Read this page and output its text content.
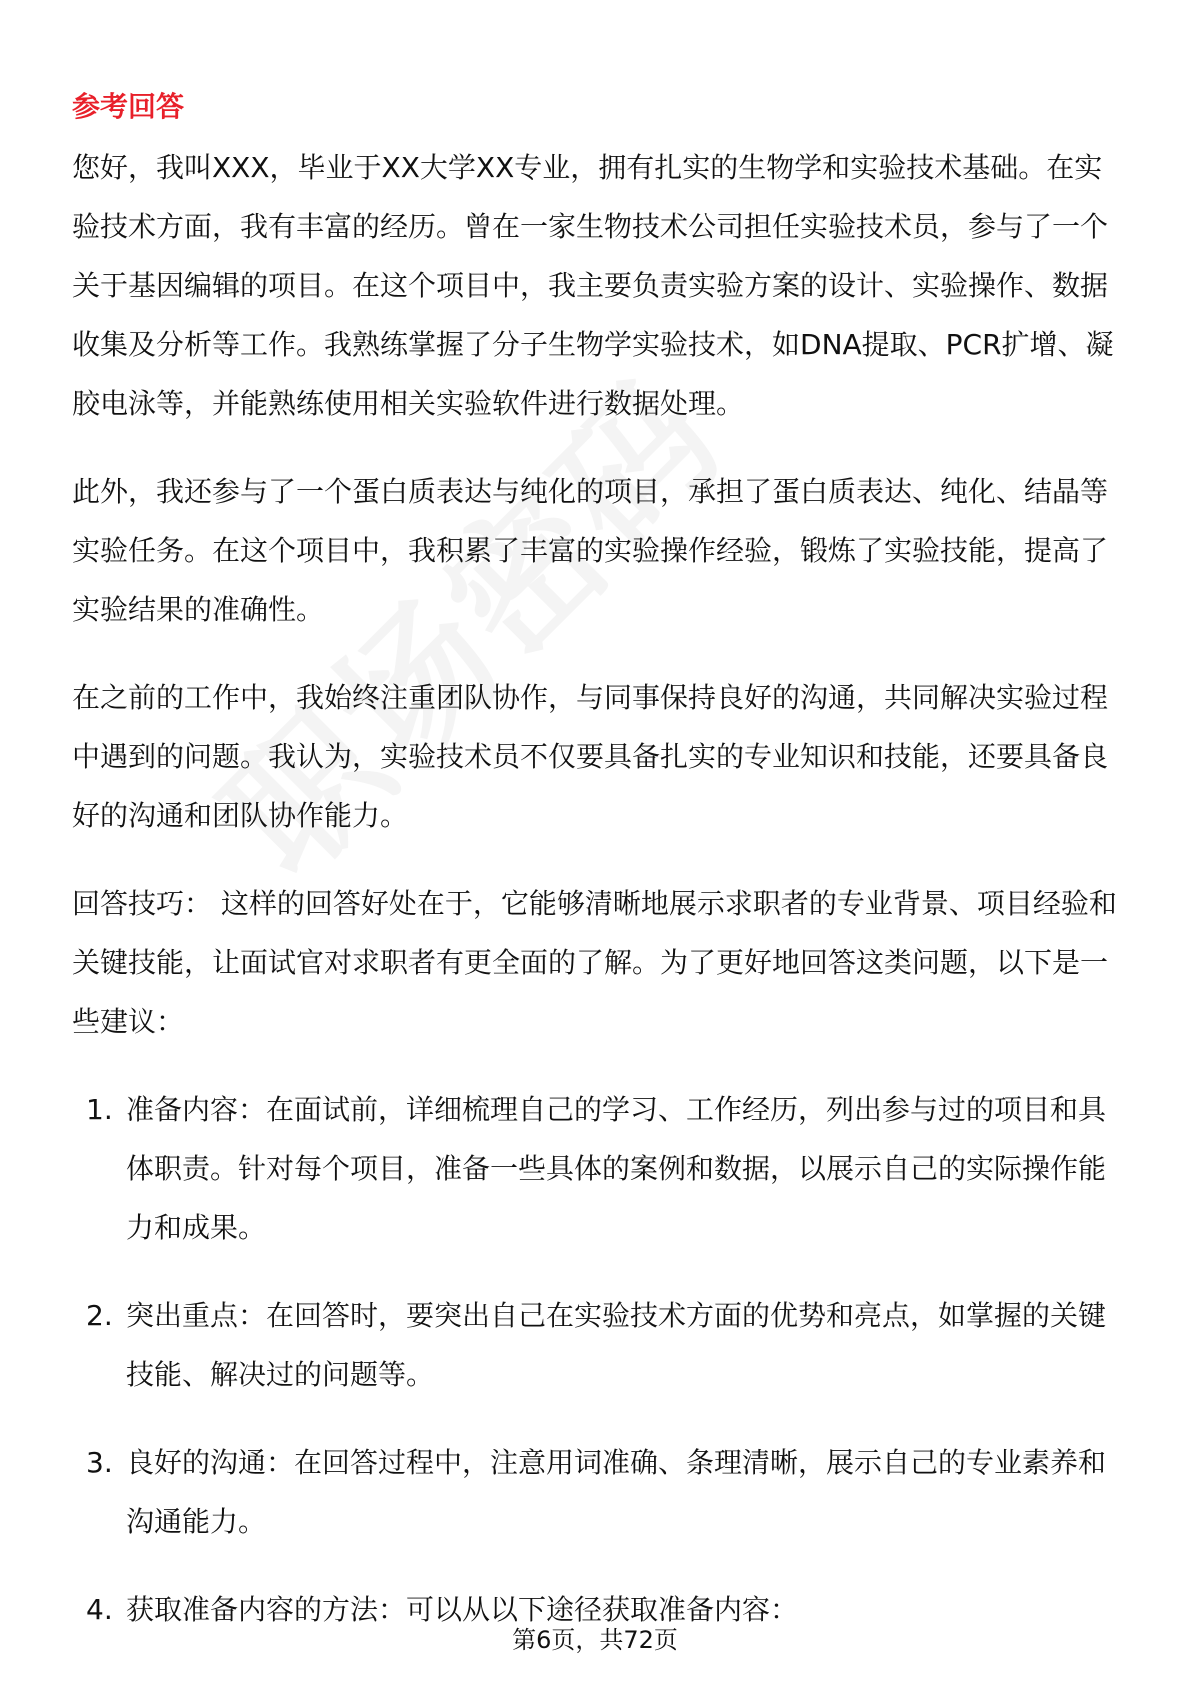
参考回答

您好，我叫XXX，毕业于XX大学XX专业，拥有扎实的生物学和实验技术基础。在实验技术方面，我有丰富的经历。曾在一家生物技术公司担任实验技术员，参与了一个关于基因编辑的项目。在这个项目中，我主要负责实验方案的设计、实验操作、数据收集及分析等工作。我熟练掌握了分子生物学实验技术，如DNA提取、PCR扩增、凝胶电泳等，并能熟练使用相关实验软件进行数据处理。

此外，我还参与了一个蛋白质表达与纯化的项目，承担了蛋白质表达、纯化、结晶等实验任务。在这个项目中，我积累了丰富的实验操作经验，锻炼了实验技能，提高了实验结果的准确性。

在之前的工作中，我始终注重团队协作，与同事保持良好的沟通，共同解决实验过程中遇到的问题。我认为，实验技术员不仅要具备扎实的专业知识和技能，还要具备良好的沟通和团队协作能力。

回答技巧： 这样的回答好处在于，它能够清晰地展示求职者的专业背景、项目经验和关键技能，让面试官对求职者有更全面的了解。为了更好地回答这类问题，以下是一些建议：

1. 准备内容：在面试前，详细梳理自己的学习、工作经历，列出参与过的项目和具体职责。针对每个项目，准备一些具体的案例和数据，以展示自己的实际操作能力和成果。
2. 突出重点：在回答时，要突出自己在实验技术方面的优势和亮点，如掌握的关键技能、解决过的问题等。
3. 良好的沟通：在回答过程中，注意用词准确、条理清晰，展示自己的专业素养和沟通能力。
4. 获取准备内容的方法：可以从以下途径获取准备内容：
第6页，共72页
